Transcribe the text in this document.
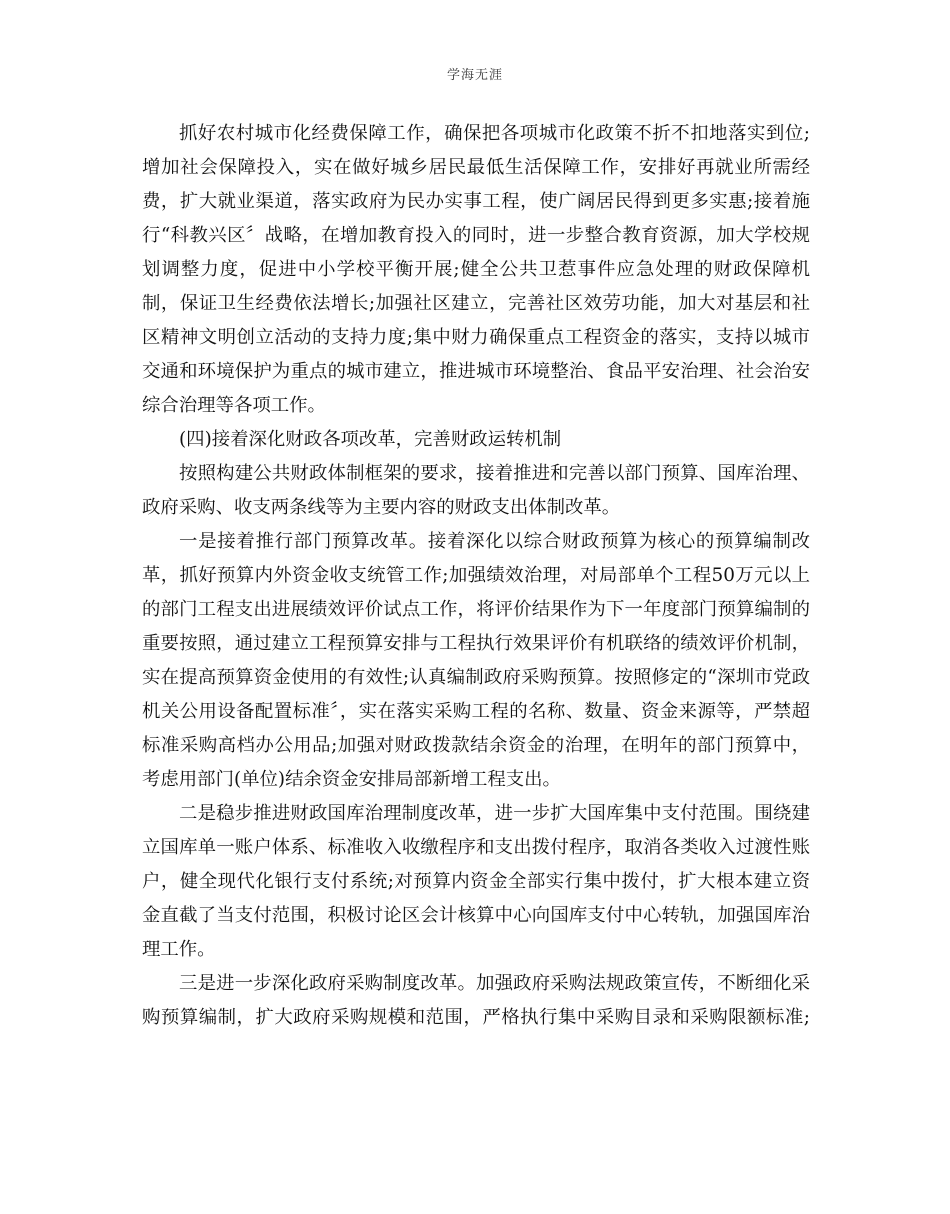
学海无涯
抓好农村城市化经费保障工作，确保把各项城市化政策不折不扣地落实到位;
增加社会保障投入，实在做好城乡居民最低生活保障工作，安排好再就业所需经
费，扩大就业渠道，落实政府为民办实事工程，使广阔居民得到更多实惠;接着施
行“科教兴区〞战略，在增加教育投入的同时，进一步整合教育资源，加大学校规
划调整力度，促进中小学校平衡开展;健全公共卫惹事件应急处理的财政保障机
制，保证卫生经费依法增长;加强社区建立，完善社区效劳功能，加大对基层和社
区精神文明创立活动的支持力度;集中财力确保重点工程资金的落实，支持以城市
交通和环境保护为重点的城市建立，推进城市环境整治、食品平安治理、社会治安
综合治理等各项工作。
(四)接着深化财政各项改革，完善财政运转机制
按照构建公共财政体制框架的要求，接着推进和完善以部门预算、国库治理、
政府采购、收支两条线等为主要内容的财政支出体制改革。
一是接着推行部门预算改革。接着深化以综合财政预算为核心的预算编制改
革，抓好预算内外资金收支统管工作;加强绩效治理，对局部单个工程50万元以上
的部门工程支出进展绩效评价试点工作，将评价结果作为下一年度部门预算编制的
重要按照，通过建立工程预算安排与工程执行效果评价有机联络的绩效评价机制，
实在提高预算资金使用的有效性;认真编制政府采购预算。按照修定的“深圳市党政
机关公用设备配置标准〞，实在落实采购工程的名称、数量、资金来源等，严禁超
标准采购高档办公用品;加强对财政拨款结余资金的治理，在明年的部门预算中，
考虑用部门(单位)结余资金安排局部新增工程支出。
二是稳步推进财政国库治理制度改革，进一步扩大国库集中支付范围。围绕建
立国库单一账户体系、标准收入收缴程序和支出拨付程序，取消各类收入过渡性账
户，健全现代化银行支付系统;对预算内资金全部实行集中拨付，扩大根本建立资
金直截了当支付范围，积极讨论区会计核算中心向国库支付中心转轨，加强国库治
理工作。
三是进一步深化政府采购制度改革。加强政府采购法规政策宣传，不断细化采
购预算编制，扩大政府采购规模和范围，严格执行集中采购目录和采购限额标准;
